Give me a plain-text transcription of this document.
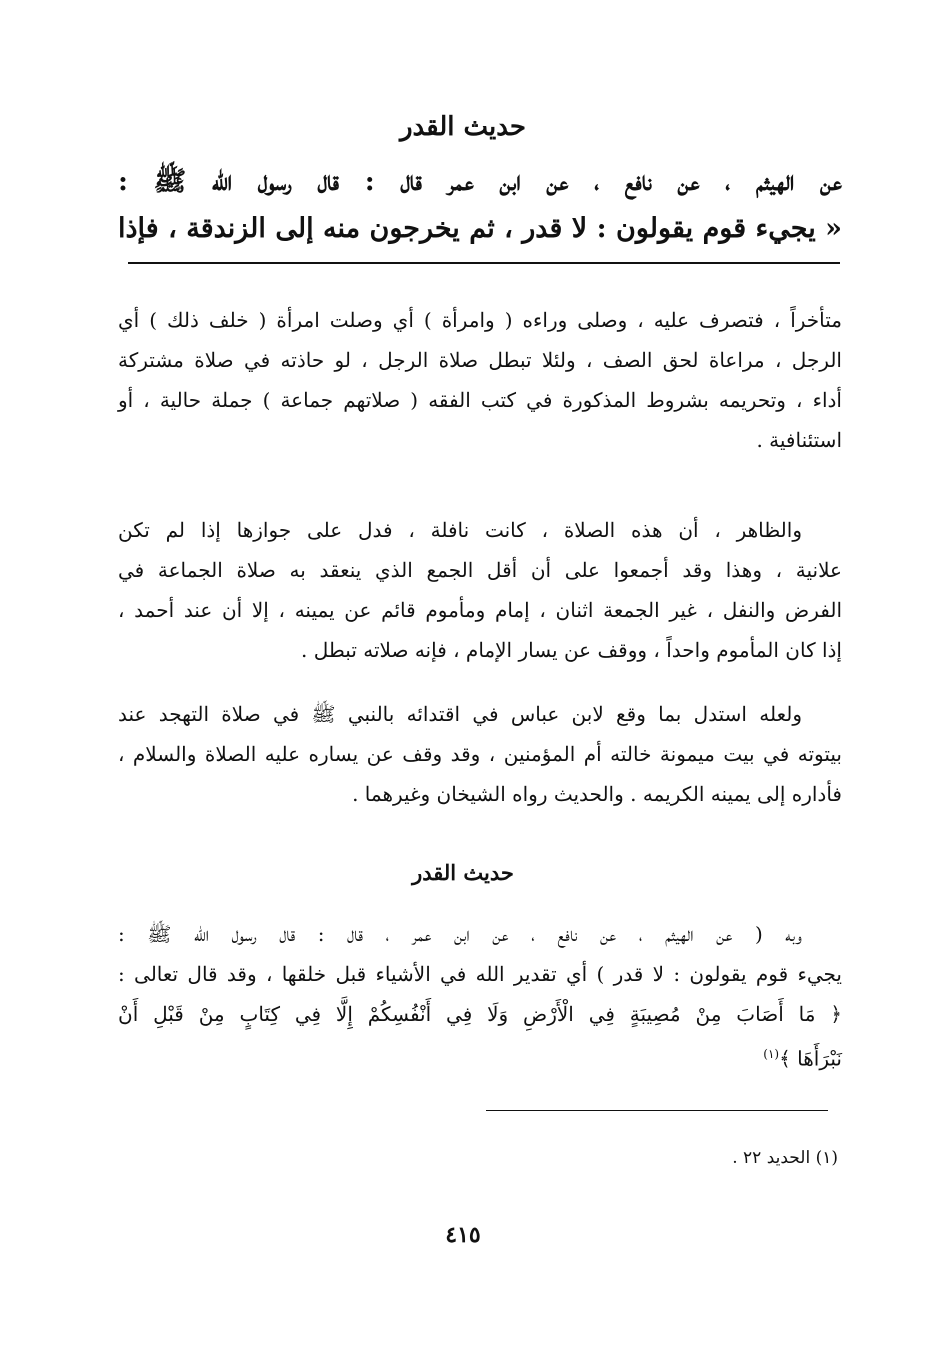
حديث القدر

عن الهيثم ، عن نافع ، عن ابن عمر قال : قال رسول الله ﷺ :

« يجيء قوم يقولون : لا قدر ، ثم يخرجون منه إلى الزندقة ، فإذا

متأخراً ، فتصرف عليه ، وصلى وراءه ( وامرأة ) أي وصلت امرأة ( خلف ذلك ) أي

الرجل ، مراعاة لحق الصف ، ولئلا تبطل صلاة الرجل ، لو حاذته في صلاة مشتركة

أداء ، وتحريمه بشروط المذكورة في كتب الفقه ( صلاتهم جماعة ) جملة حالية ، أو

استئنافية .

والظاهر ، أن هذه الصلاة ، كانت نافلة ، فدل على جوازها إذا لم تكن

علانية ، وهذا وقد أجمعوا على أن أقل الجمع الذي ينعقد به صلاة الجماعة في

الفرض والنفل ، غير الجمعة اثنان ، إمام ومأموم قائم عن يمينه ، إلا أن عند أحمد ،

إذا كان المأموم واحداً ، ووقف عن يسار الإمام ، فإنه صلاته تبطل .

ولعله استدل بما وقع لابن عباس في اقتدائه بالنبي ﷺ في صلاة التهجد عند

بيتوته في بيت ميمونة خالته أم المؤمنين ، وقد وقف عن يساره عليه الصلاة والسلام ،

فأداره إلى يمينه الكريمه . والحديث رواه الشيخان وغيرهما .

حديث القدر

وبه ( عن الهيثم ، عن نافع ، عن ابن عمر ، قال : قال رسول الله ﷺ :

يجيء قوم يقولون : لا قدر ) أي تقدير الله في الأشياء قبل خلقها ، وقد قال تعالى :

﴿ مَا أَصَابَ مِنْ مُصِيبَةٍ فِي الْأَرْضِ وَلَا فِي أَنْفُسِكُمْ إِلَّا فِي كِتَابٍ مِنْ قَبْلِ أَنْ

نَبْرَأَهَا ﴾$^{(١)}$

(١) الحديد ٢٢ .
٤١٥
